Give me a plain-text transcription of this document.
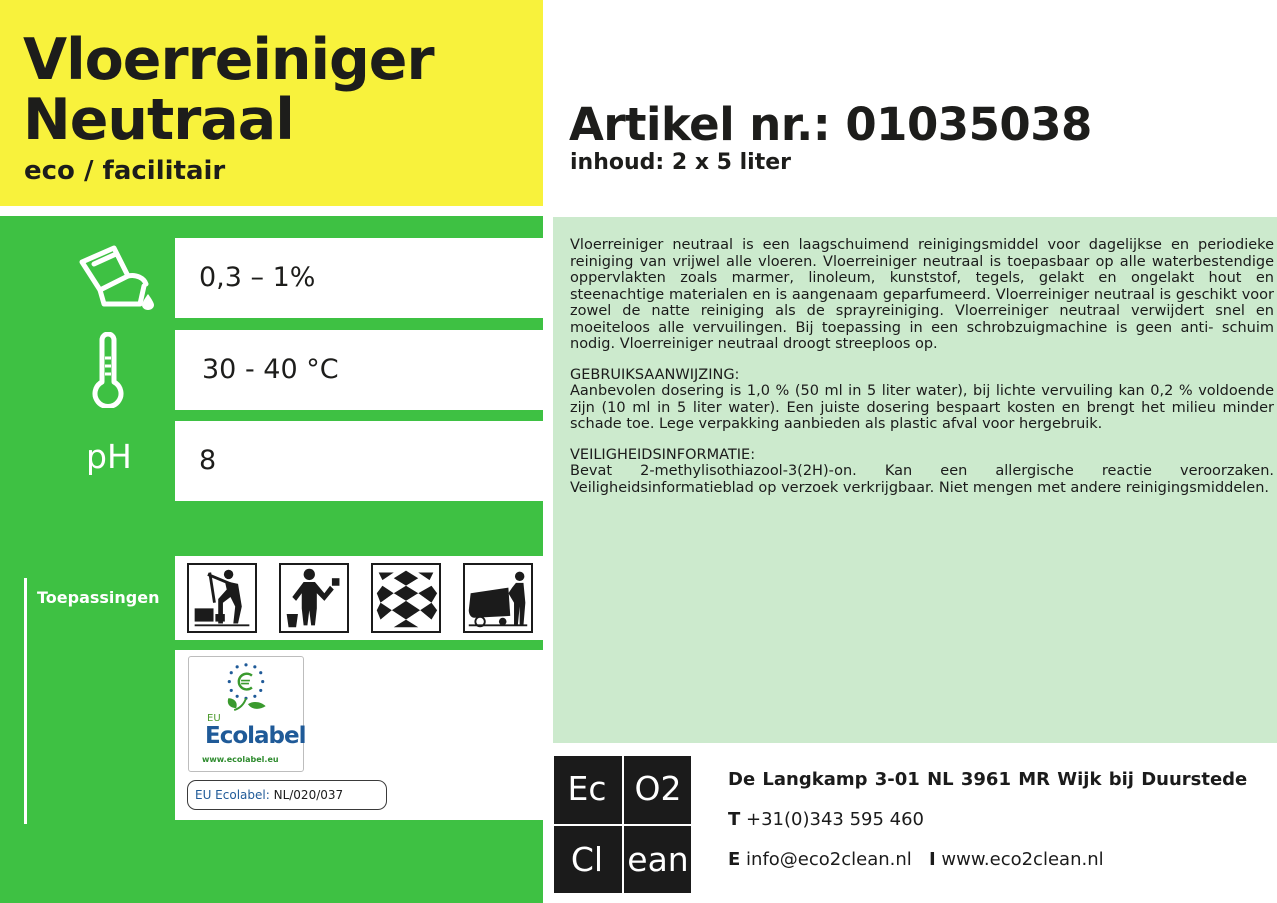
Vloerreiniger
Neutraal
eco / facilitair
Artikel nr.: 01035038
inhoud: 2 x 5 liter
0,3 – 1%
30 - 40 °C
pH 8
Toepassingen
EU
Ecolabel
www.ecolabel.eu
EU Ecolabel: NL/020/037

Vloerreiniger neutraal is een laagschuimend reinigingsmiddel voor dagelijkse en periodieke reiniging van vrijwel alle vloeren. Vloerreiniger neutraal is toepasbaar op alle waterbestendige oppervlakten zoals marmer, linoleum, kunststof, tegels, gelakt en ongelakt hout en steenachtige materialen en is aangenaam geparfumeerd. Vloerreiniger neutraal is geschikt voor zowel de natte reiniging als de sprayreiniging. Vloerreiniger neutraal verwijdert snel en moeiteloos alle vervuilingen. Bij toepassing in een schrobzuigmachine is geen anti- schuim nodig. Vloerreiniger neutraal droogt streeploos op.

GEBRUIKSAANWIJZING:
Aanbevolen dosering is 1,0 % (50 ml in 5 liter water), bij lichte vervuiling kan 0,2 % voldoende zijn (10 ml in 5 liter water). Een juiste dosering bespaart kosten en brengt het milieu minder schade toe. Lege verpakking aanbieden als plastic afval voor hergebruik.

VEILIGHEIDSINFORMATIE:
Bevat 2-methylisothiazool-3(2H)-on. Kan een allergische reactie veroorzaken. Veiligheidsinformatieblad op verzoek verkrijgbaar. Niet mengen met andere reinigingsmiddelen.

Ec O2
Cl ean
De Langkamp 3-01 NL 3961 MR Wijk bij Duurstede
T +31(0)343 595 460
E info@eco2clean.nl I www.eco2clean.nl
